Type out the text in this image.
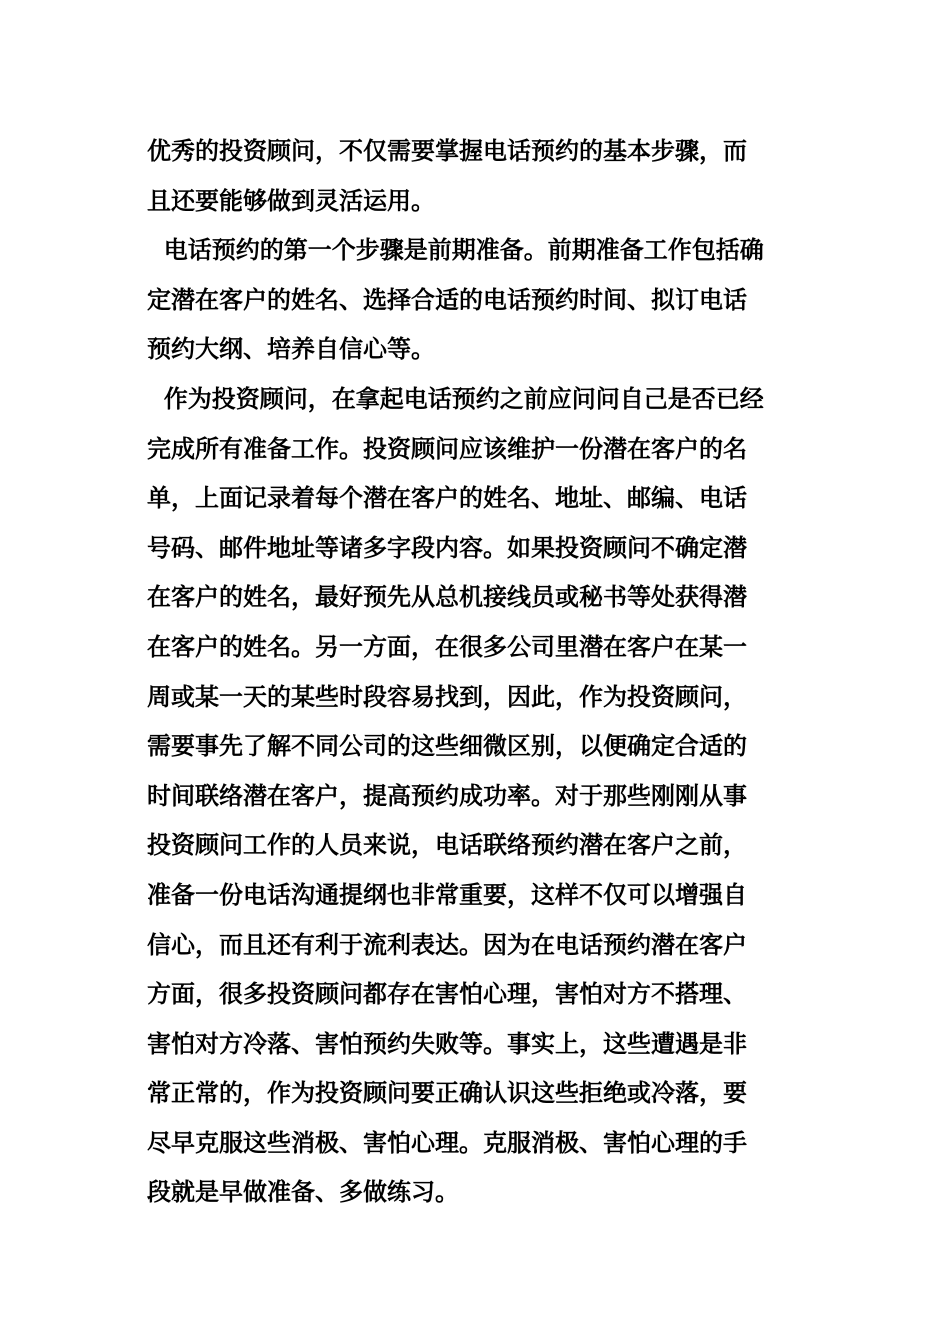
优秀的投资顾问，不仅需要掌握电话预约的基本步骤，而
且还要能够做到灵活运用。
电话预约的第一个步骤是前期准备。前期准备工作包括确
定潜在客户的姓名、选择合适的电话预约时间、拟订电话
预约大纲、培养自信心等。
作为投资顾问，在拿起电话预约之前应问问自己是否已经
完成所有准备工作。投资顾问应该维护一份潜在客户的名
单，上面记录着每个潜在客户的姓名、地址、邮编、电话
号码、邮件地址等诸多字段内容。如果投资顾问不确定潜
在客户的姓名，最好预先从总机接线员或秘书等处获得潜
在客户的姓名。另一方面，在很多公司里潜在客户在某一
周或某一天的某些时段容易找到，因此，作为投资顾问，
需要事先了解不同公司的这些细微区别，以便确定合适的
时间联络潜在客户，提高预约成功率。对于那些刚刚从事
投资顾问工作的人员来说，电话联络预约潜在客户之前，
准备一份电话沟通提纲也非常重要，这样不仅可以增强自
信心，而且还有利于流利表达。因为在电话预约潜在客户
方面，很多投资顾问都存在害怕心理，害怕对方不搭理、
害怕对方冷落、害怕预约失败等。事实上，这些遭遇是非
常正常的，作为投资顾问要正确认识这些拒绝或冷落，要
尽早克服这些消极、害怕心理。克服消极、害怕心理的手
段就是早做准备、多做练习。
